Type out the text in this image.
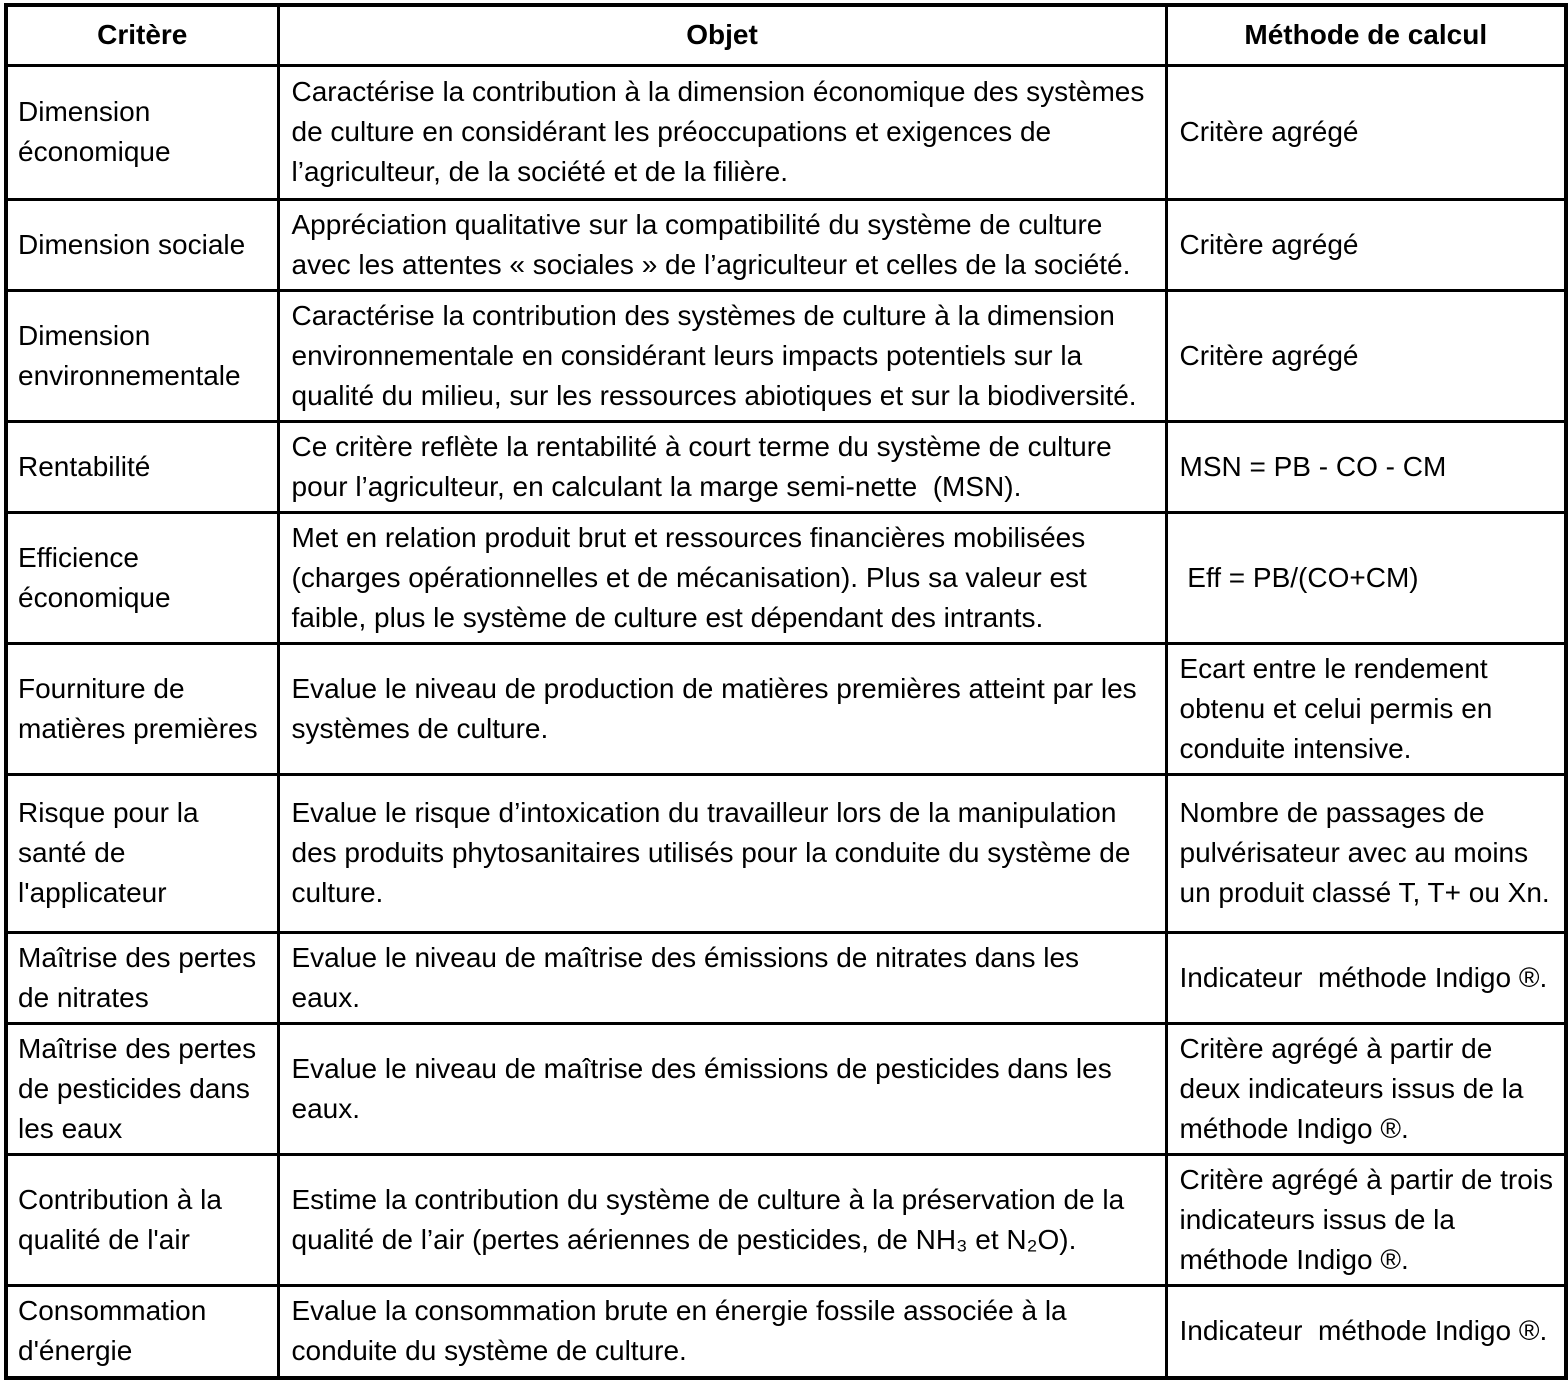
Critère	Objet	Méthode de calcul
Dimension économique	Caractérise la contribution à la dimension économique des systèmes de culture en considérant les préoccupations et exigences de l’agriculteur, de la société et de la filière.	Critère agrégé
Dimension sociale	Appréciation qualitative sur la compatibilité du système de culture avec les attentes « sociales » de l’agriculteur et celles de la société.	Critère agrégé
Dimension environnementale	Caractérise la contribution des systèmes de culture à la dimension environnementale en considérant leurs impacts potentiels sur la qualité du milieu, sur les ressources abiotiques et sur la biodiversité.	Critère agrégé
Rentabilité	Ce critère reflète la rentabilité à court terme du système de culture pour l’agriculteur, en calculant la marge semi-nette  (MSN).	MSN = PB - CO - CM
Efficience économique	Met en relation produit brut et ressources financières mobilisées (charges opérationnelles et de mécanisation). Plus sa valeur est faible, plus le système de culture est dépendant des intrants.	Eff = PB/(CO+CM)
Fourniture de matières premières	Evalue le niveau de production de matières premières atteint par les systèmes de culture.	Ecart entre le rendement obtenu et celui permis en conduite intensive.
Risque pour la santé de l'applicateur	Evalue le risque d’intoxication du travailleur lors de la manipulation des produits phytosanitaires utilisés pour la conduite du système de culture.	Nombre de passages de pulvérisateur avec au moins un produit classé T, T+ ou Xn.
Maîtrise des pertes de nitrates	Evalue le niveau de maîtrise des émissions de nitrates dans les eaux.	Indicateur  méthode Indigo ®.
Maîtrise des pertes de pesticides dans les eaux	Evalue le niveau de maîtrise des émissions de pesticides dans les eaux.	Critère agrégé à partir de deux indicateurs issus de la méthode Indigo ®.
Contribution à la qualité de l'air	Estime la contribution du système de culture à la préservation de la qualité de l’air (pertes aériennes de pesticides, de NH₃ et N₂O).	Critère agrégé à partir de trois indicateurs issus de la méthode Indigo ®.
Consommation d'énergie	Evalue la consommation brute en énergie fossile associée à la conduite du système de culture.	Indicateur  méthode Indigo ®.
